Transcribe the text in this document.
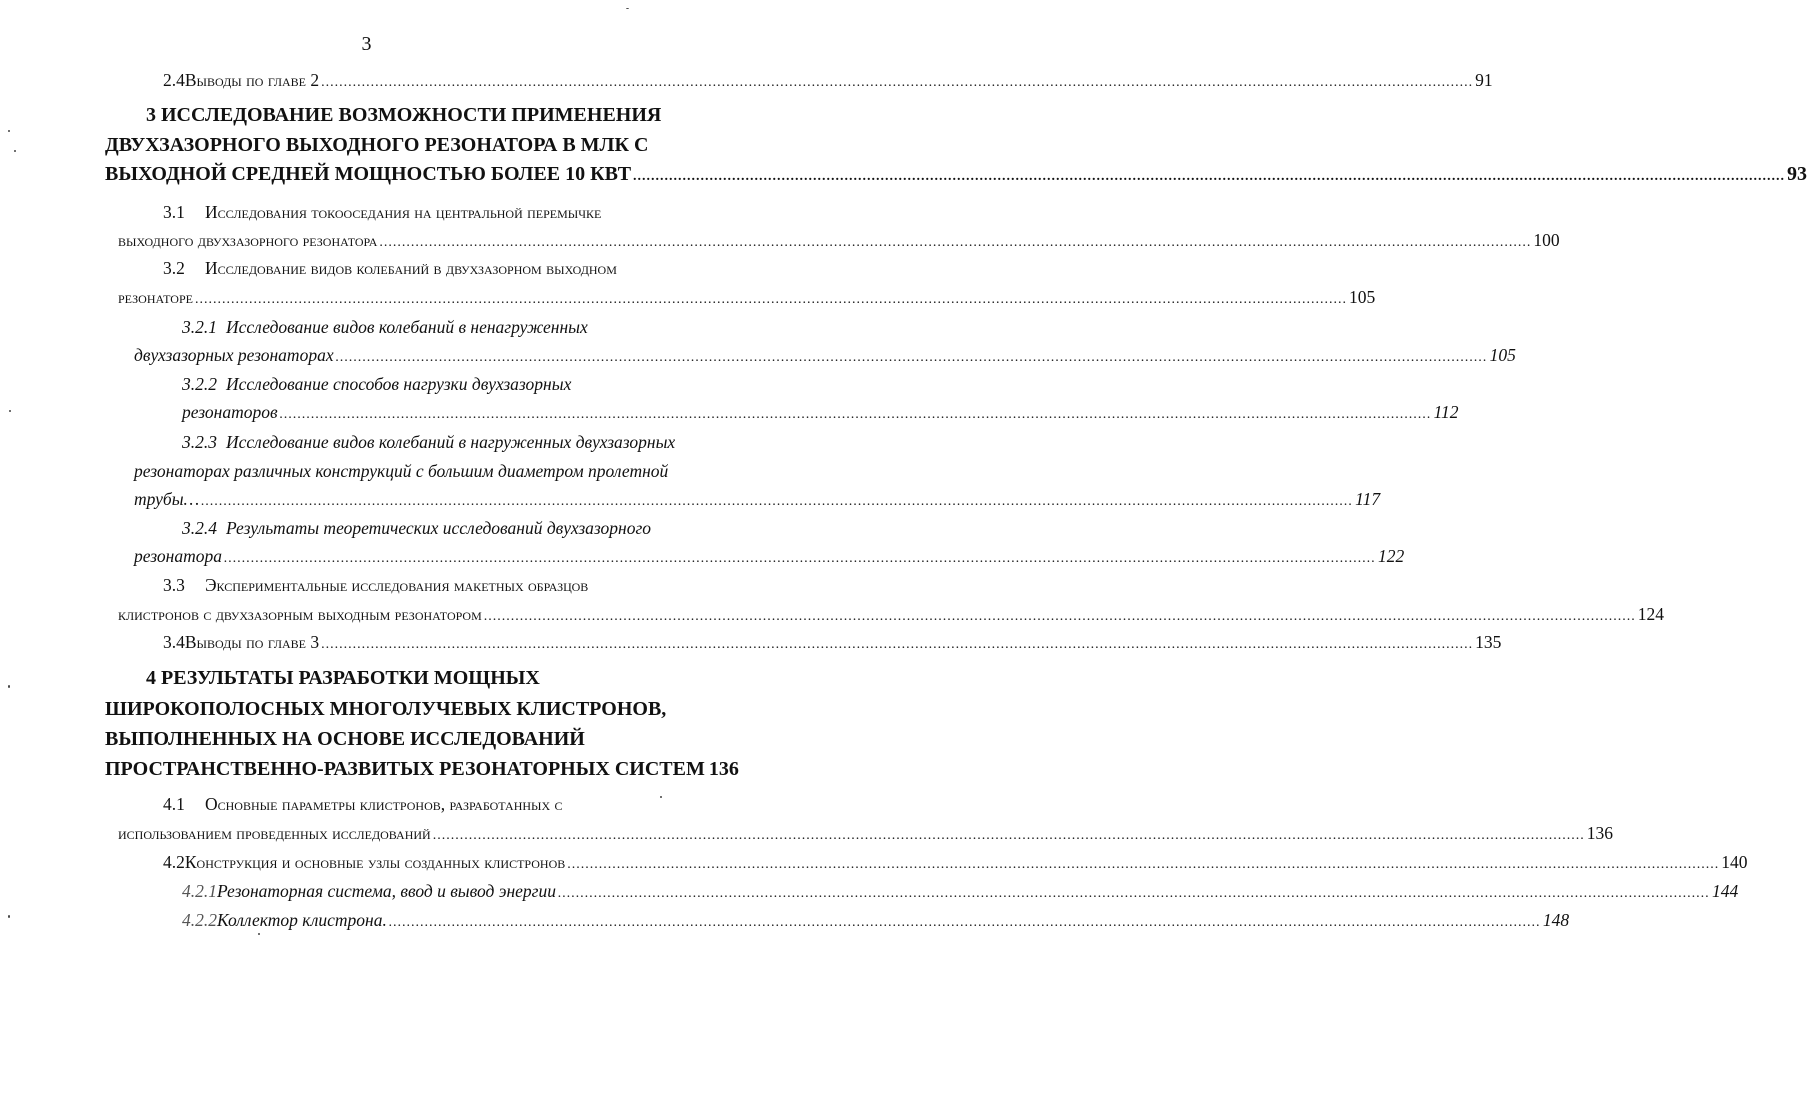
3
2.4 Выводы по главе 2 .....	91
3 ИССЛЕДОВАНИЕ ВОЗМОЖНОСТИ ПРИМЕНЕНИЯ
ДВУХЗАЗОРНОГО ВЫХОДНОГО РЕЗОНАТОРА В МЛК С
ВЫХОДНОЙ СРЕДНЕЙ МОЩНОСТЬЮ БОЛЕЕ 10 КВТ .....	93
3.1 Исследования токооседания на центральной перемычке
выходного двухзазорного резонатора .....	100
3.2 Исследование видов колебаний в двухзазорном выходном
резонаторе .....	105
3.2.1 Исследование видов колебаний в ненагруженных
двухзазорных резонаторах .....	105
3.2.2 Исследование способов нагрузки двухзазорных
резонаторов .....	112
3.2.3 Исследование видов колебаний в нагруженных двухзазорных
резонаторах различных конструкций с большим диаметром пролетной
трубы… .....	117
3.2.4 Результаты теоретических исследований двухзазорного
резонатора .....	122
3.3 Экспериментальные исследования макетных образцов
клистронов с двухзазорным выходным резонатором .....	124
3.4 Выводы по главе 3 .....	135
4 РЕЗУЛЬТАТЫ РАЗРАБОТКИ МОЩНЫХ
ШИРОКОПОЛОСНЫХ МНОГОЛУЧЕВЫХ КЛИСТРОНОВ,
ВЫПОЛНЕННЫХ НА ОСНОВЕ ИССЛЕДОВАНИЙ
ПРОСТРАНСТВЕННО-РАЗВИТЫХ РЕЗОНАТОРНЫХ СИСТЕМ 136
4.1 Основные параметры клистронов, разработанных с
использованием проведенных исследований .....	136
4.2 Конструкция и основные узлы созданных клистронов .....	140
4.2.1 Резонаторная система, ввод и вывод энергии .....	144
4.2.2 Коллектор клистрона. .....	148
